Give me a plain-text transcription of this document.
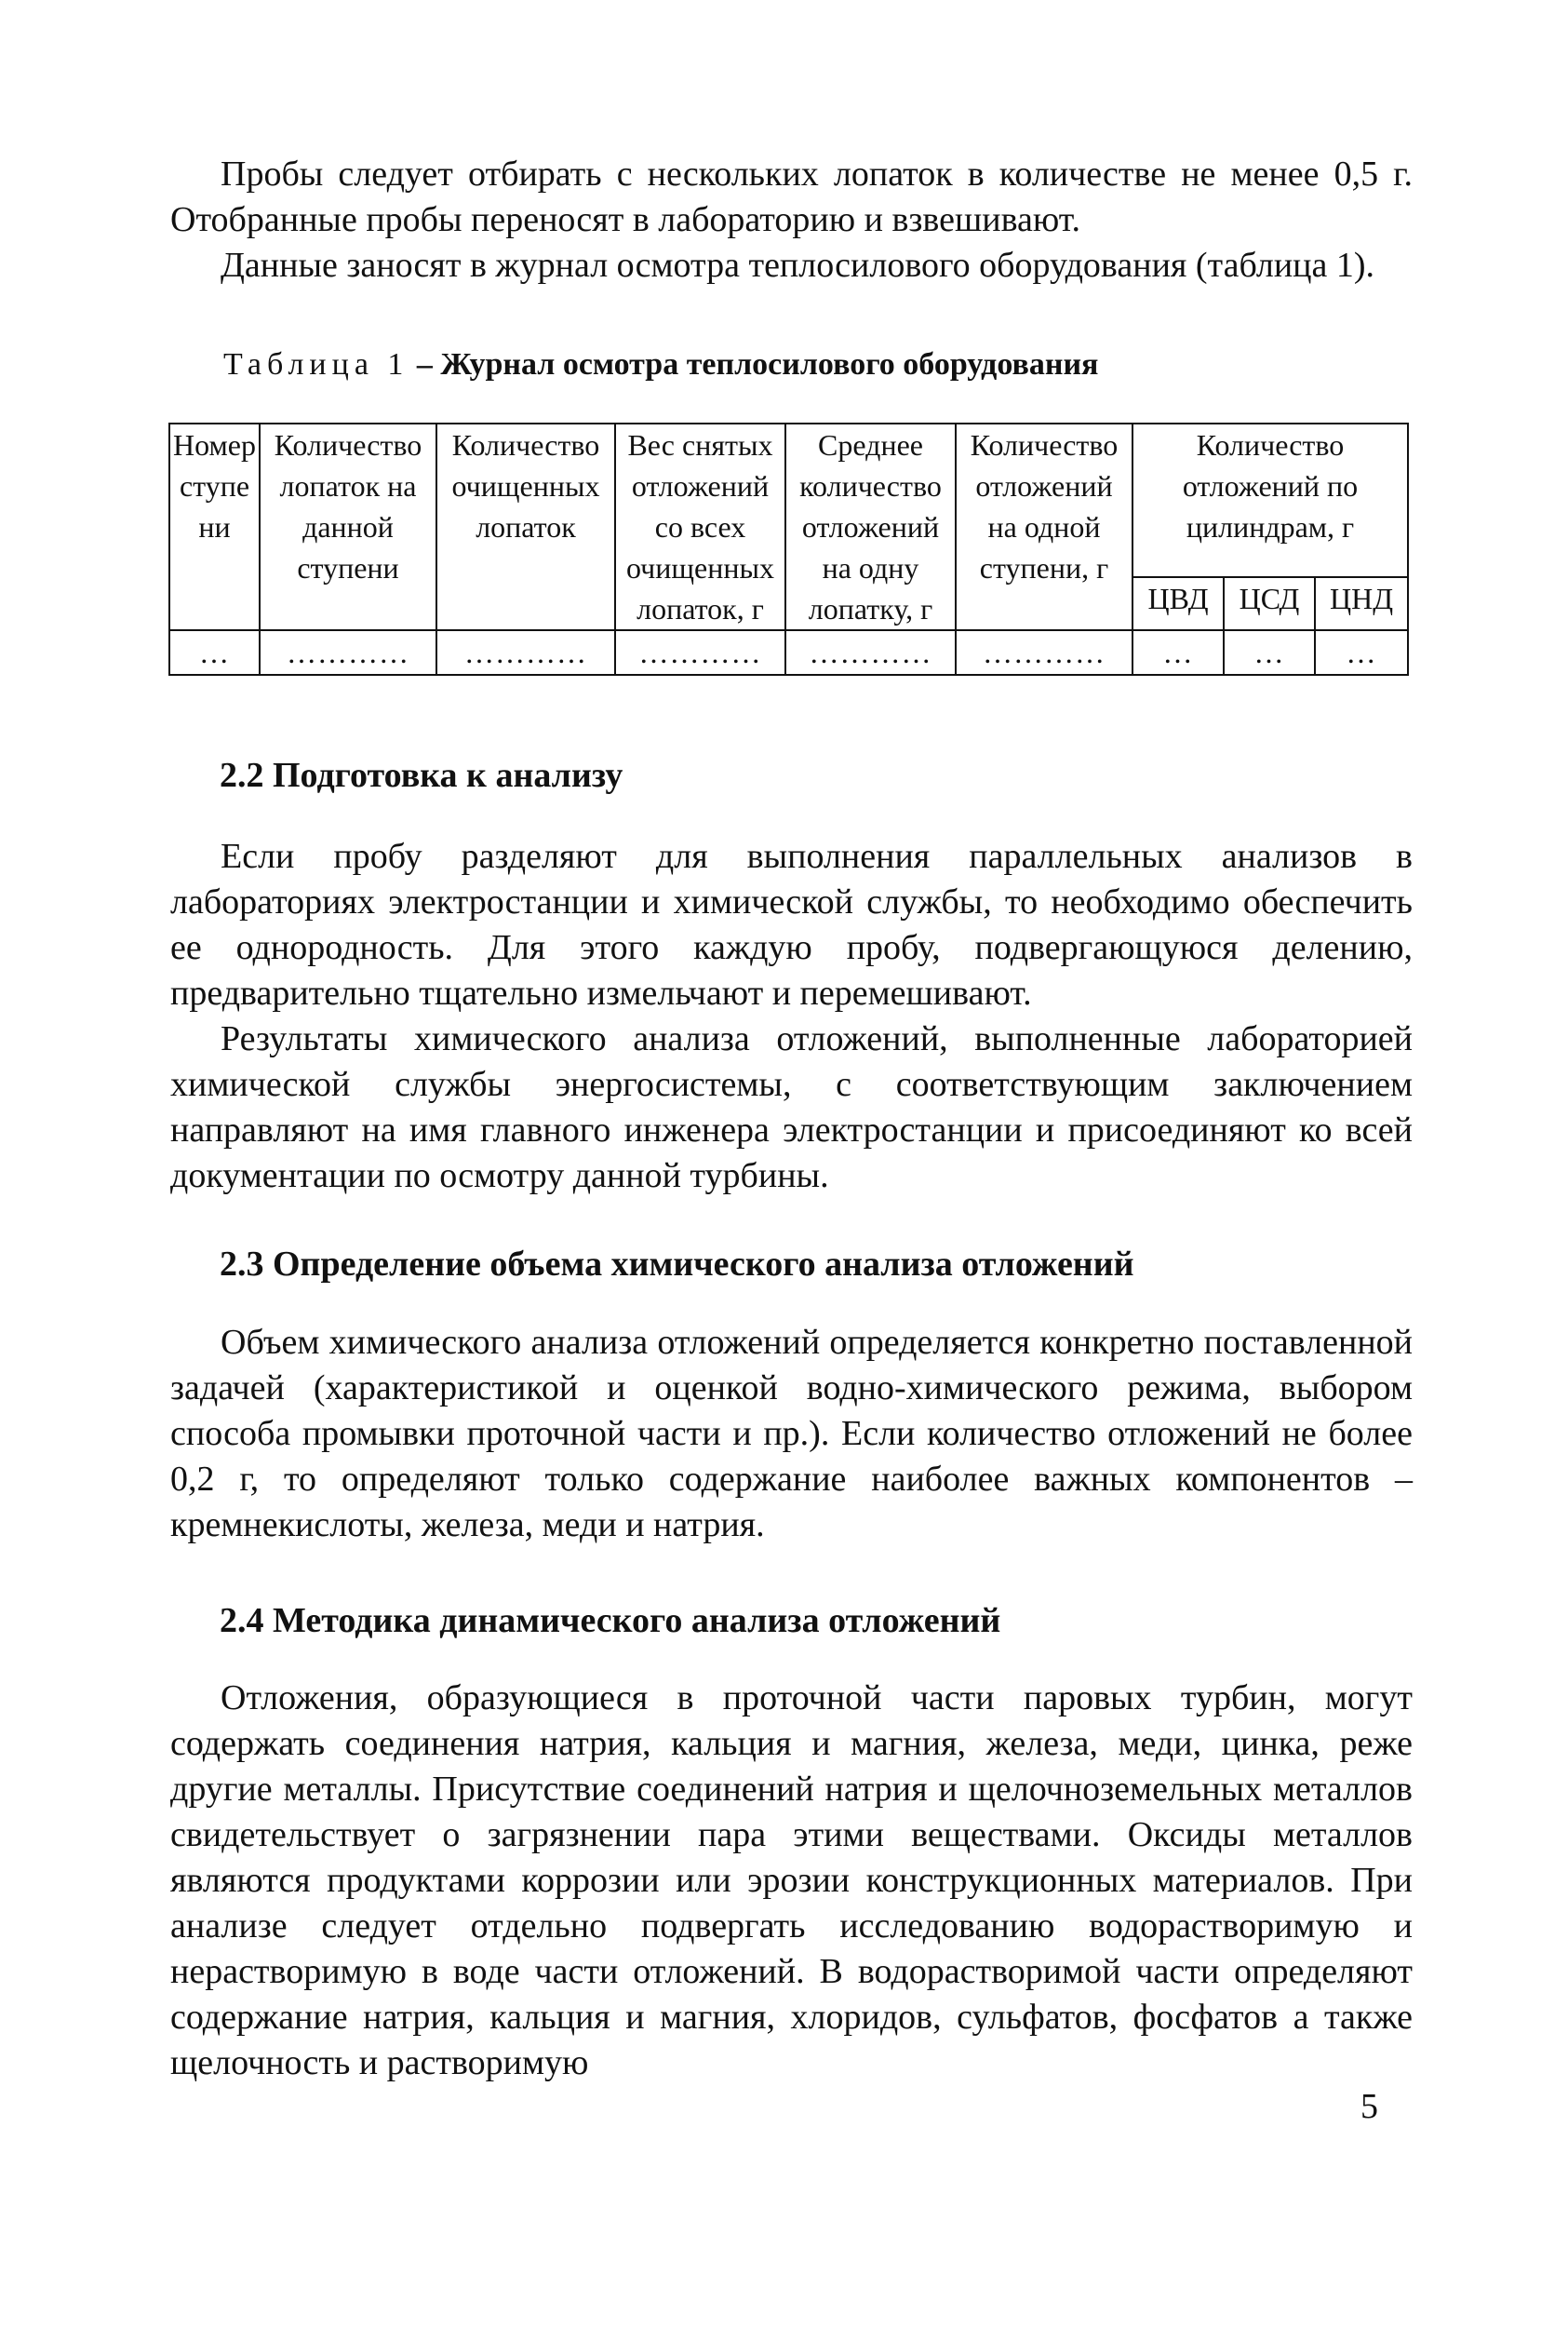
Пробы следует отбирать с нескольких лопаток в количестве не менее 0,5 г. Отобранные пробы переносят в лабораторию и взвешивают.

Данные заносят в журнал осмотра теплосилового оборудования (таблица 1).

Таблица 1 – Журнал осмотра теплосилового оборудования
Номер ступени	Количество лопаток на данной ступени	Количество очищенных лопаток	Вес снятых отложений со всех очищенных лопаток, г	Среднее количество отложений на одну лопатку, г	Количество отложений на одной ступени, г	Количество отложений по цилиндрам, г		
						ЦВД	ЦСД	ЦНД
…	…………	…………	…………	…………	…………	…	…	…
2.2 Подготовка к анализу

Если пробу разделяют для выполнения параллельных анализов в лабораториях электростанции и химической службы, то необходимо обеспечить ее однородность. Для этого каждую пробу, подвергающуюся делению, предварительно тщательно измельчают и перемешивают.

Результаты химического анализа отложений, выполненные лабораторией химической службы энергосистемы, с соответствующим заключением направляют на имя главного инженера электростанции и присоединяют ко всей документации по осмотру данной турбины.

2.3 Определение объема химического анализа отложений

Объем химического анализа отложений определяется конкретно поставленной задачей (характеристикой и оценкой водно-химического режима, выбором способа промывки проточной части и пр.). Если количество отложений не более 0,2 г, то определяют только содержание наиболее важных компонентов – кремнекислоты, железа, меди и натрия.

2.4 Методика динамического анализа отложений

Отложения, образующиеся в проточной части паровых турбин, могут содержать соединения натрия, кальция и магния, железа, меди, цинка, реже другие металлы. Присутствие соединений натрия и щелочноземельных металлов свидетельствует о загрязнении пара этими веществами. Оксиды металлов являются продуктами коррозии или эрозии конструкционных материалов. При анализе следует отдельно подвергать исследованию водорастворимую и нерастворимую в воде части отложений. В водорастворимой части определяют содержание натрия, кальция и магния, хлоридов, сульфатов, фосфатов а также щелочность и растворимую

5
